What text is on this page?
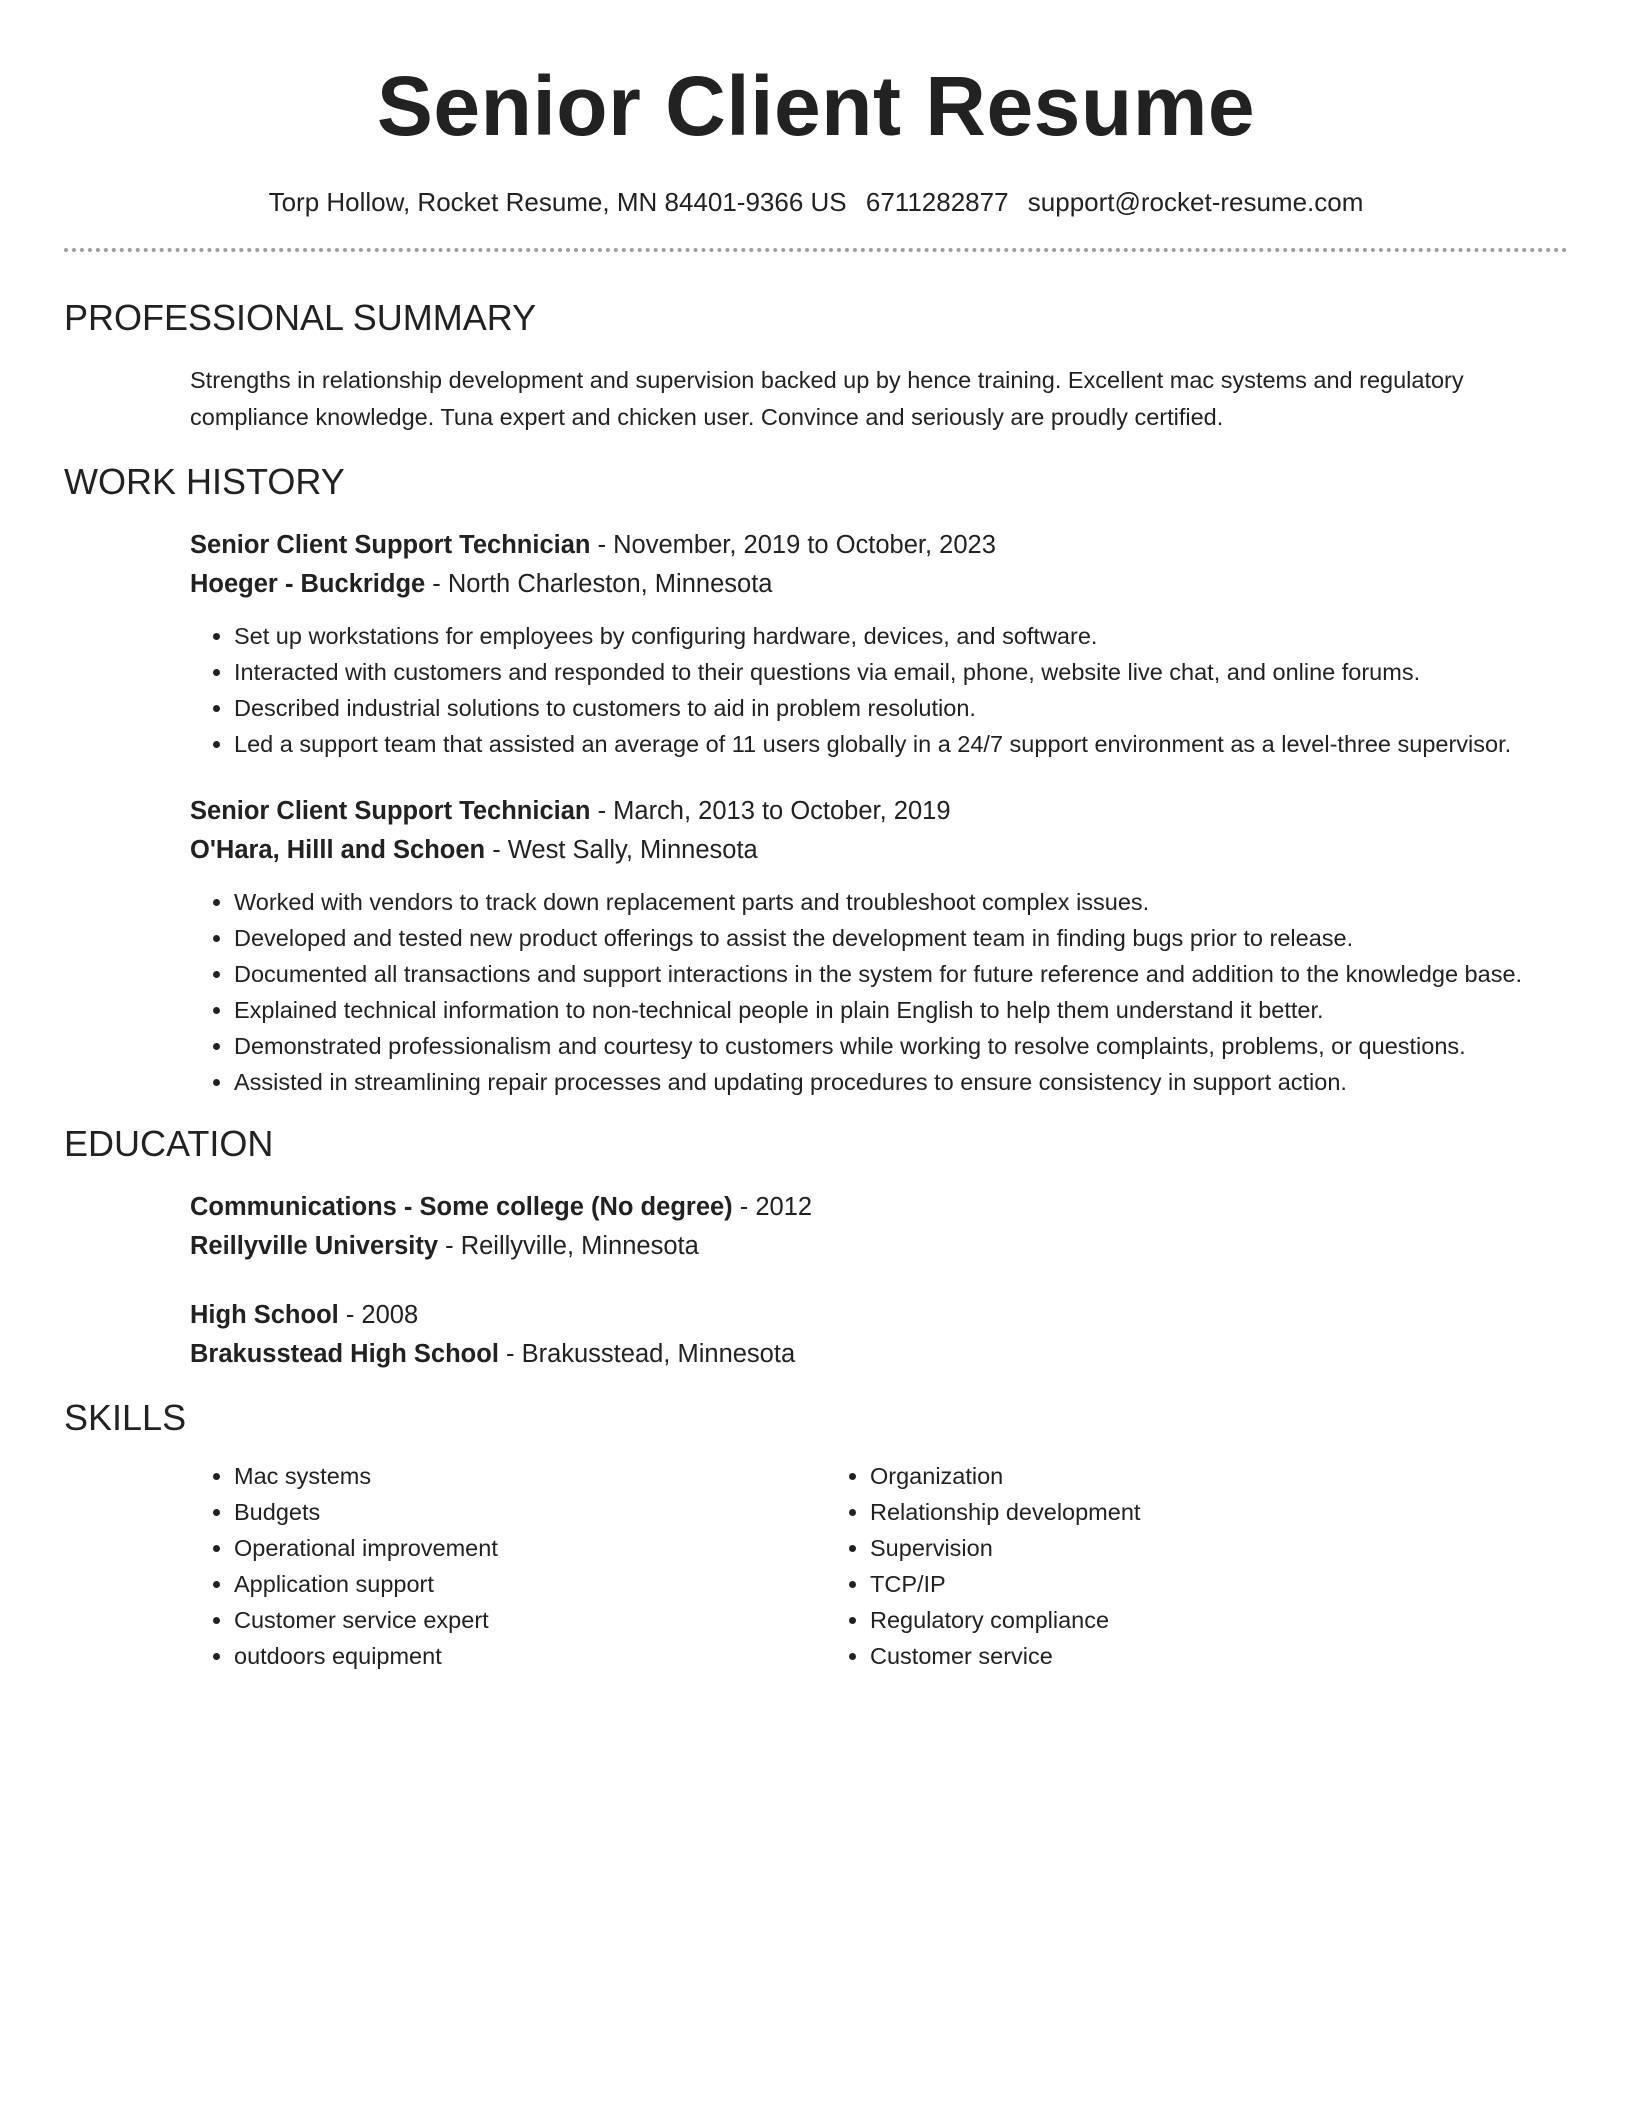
Senior Client Resume
Torp Hollow, Rocket Resume, MN 84401-9366 US 6711282877 support@rocket-resume.com
PROFESSIONAL SUMMARY
Strengths in relationship development and supervision backed up by hence training. Excellent mac systems and regulatory compliance knowledge. Tuna expert and chicken user. Convince and seriously are proudly certified.
WORK HISTORY
Senior Client Support Technician - November, 2019 to October, 2023
Hoeger - Buckridge - North Charleston, Minnesota
• Set up workstations for employees by configuring hardware, devices, and software.
• Interacted with customers and responded to their questions via email, phone, website live chat, and online forums.
• Described industrial solutions to customers to aid in problem resolution.
• Led a support team that assisted an average of 11 users globally in a 24/7 support environment as a level-three supervisor.
Senior Client Support Technician - March, 2013 to October, 2019
O'Hara, Hilll and Schoen - West Sally, Minnesota
• Worked with vendors to track down replacement parts and troubleshoot complex issues.
• Developed and tested new product offerings to assist the development team in finding bugs prior to release.
• Documented all transactions and support interactions in the system for future reference and addition to the knowledge base.
• Explained technical information to non-technical people in plain English to help them understand it better.
• Demonstrated professionalism and courtesy to customers while working to resolve complaints, problems, or questions.
• Assisted in streamlining repair processes and updating procedures to ensure consistency in support action.
EDUCATION
Communications - Some college (No degree) - 2012
Reillyville University - Reillyville, Minnesota
High School - 2008
Brakusstead High School - Brakusstead, Minnesota
SKILLS
• Mac systems
• Budgets
• Operational improvement
• Application support
• Customer service expert
• outdoors equipment
• Organization
• Relationship development
• Supervision
• TCP/IP
• Regulatory compliance
• Customer service
